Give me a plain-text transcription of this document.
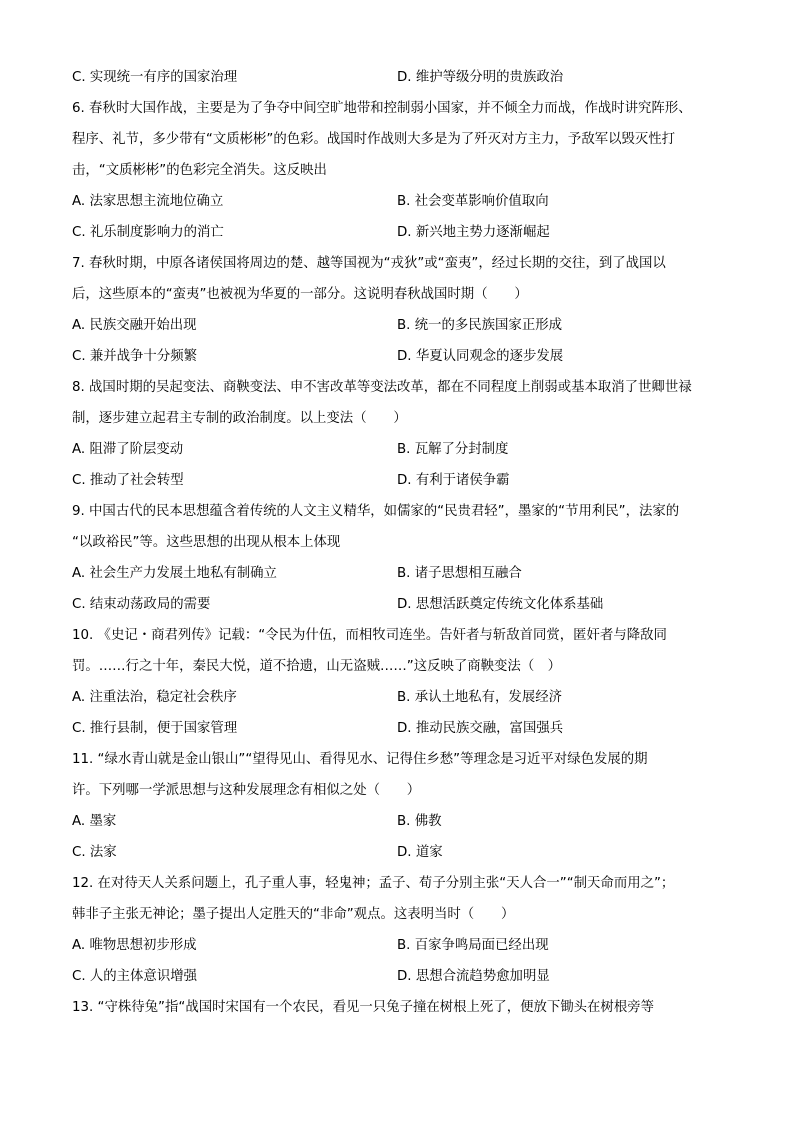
C. 实现统一有序的国家治理	D. 维护等级分明的贵族政治
6. 春秋时大国作战，主要是为了争夺中间空旷地带和控制弱小国家，并不倾全力而战，作战时讲究阵形、
程序、礼节，多少带有“文质彬彬”的色彩。战国时作战则大多是为了歼灭对方主力，予敌军以毁灭性打
击，“文质彬彬”的色彩完全消失。这反映出
A. 法家思想主流地位确立	B. 社会变革影响价值取向
C. 礼乐制度影响力的消亡	D. 新兴地主势力逐渐崛起
7. 春秋时期，中原各诸侯国将周边的楚、越等国视为“戎狄”或“蛮夷”，经过长期的交往，到了战国以
后，这些原本的“蛮夷”也被视为华夏的一部分。这说明春秋战国时期（　　）
A. 民族交融开始出现	B. 统一的多民族国家正形成
C. 兼并战争十分频繁	D. 华夏认同观念的逐步发展
8. 战国时期的吴起变法、商鞅变法、申不害改革等变法改革，都在不同程度上削弱或基本取消了世卿世禄
制，逐步建立起君主专制的政治制度。以上变法（　　）
A. 阻滞了阶层变动	B. 瓦解了分封制度
C. 推动了社会转型	D. 有利于诸侯争霸
9. 中国古代的民本思想蕴含着传统的人文主义精华，如儒家的“民贵君轻”，墨家的“节用利民”，法家的
“以政裕民”等。这些思想的出现从根本上体现
A. 社会生产力发展土地私有制确立	B. 诸子思想相互融合
C. 结束动荡政局的需要	D. 思想活跃奠定传统文化体系基础
10. 《史记・商君列传》记载：“令民为什伍，而相牧司连坐。告奸者与斩敌首同赏，匿奸者与降敌同
罚。……行之十年，秦民大悦，道不拾遗，山无盗贼……”这反映了商鞅变法（　）
A. 注重法治，稳定社会秩序	B. 承认土地私有，发展经济
C. 推行县制，便于国家管理	D. 推动民族交融，富国强兵
11. “绿水青山就是金山银山”“望得见山、看得见水、记得住乡愁”等理念是习近平对绿色发展的期
许。下列哪一学派思想与这种发展理念有相似之处（　　）
A. 墨家	B. 佛教
C. 法家	D. 道家
12. 在对待天人关系问题上，孔子重人事，轻鬼神；孟子、荀子分别主张“天人合一”“制天命而用之”；
韩非子主张无神论；墨子提出人定胜天的“非命”观点。这表明当时（　　）
A. 唯物思想初步形成	B. 百家争鸣局面已经出现
C. 人的主体意识增强	D. 思想合流趋势愈加明显
13. “守株待兔”指“战国时宋国有一个农民，看见一只兔子撞在树根上死了，便放下锄头在树根旁等
